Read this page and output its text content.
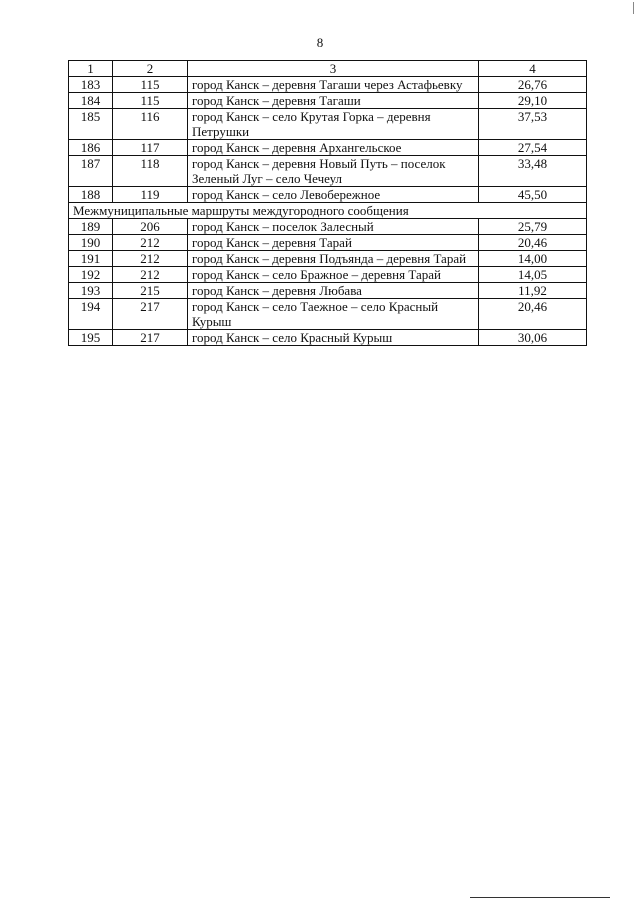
8
1	2	3	4
183	115	город Канск – деревня Тагаши через Астафьевку	26,76
184	115	город Канск – деревня Тагаши	29,10
185	116	город Канск – село Крутая Горка – деревня Петрушки	37,53
186	117	город Канск – деревня Архангельское	27,54
187	118	город Канск – деревня Новый Путь – поселок Зеленый Луг – село Чечеул	33,48
188	119	город Канск – село Левобережное	45,50
Межмуниципальные маршруты междугородного сообщения			
189	206	город Канск – поселок Залесный	25,79
190	212	город Канск – деревня Тарай	20,46
191	212	город Канск – деревня Подъянда – деревня Тарай	14,00
192	212	город Канск – село Бражное – деревня Тарай	14,05
193	215	город Канск – деревня Любава	11,92
194	217	город Канск – село Таежное – село Красный Курыш	20,46
195	217	город Канск – село Красный Курыш	30,06
